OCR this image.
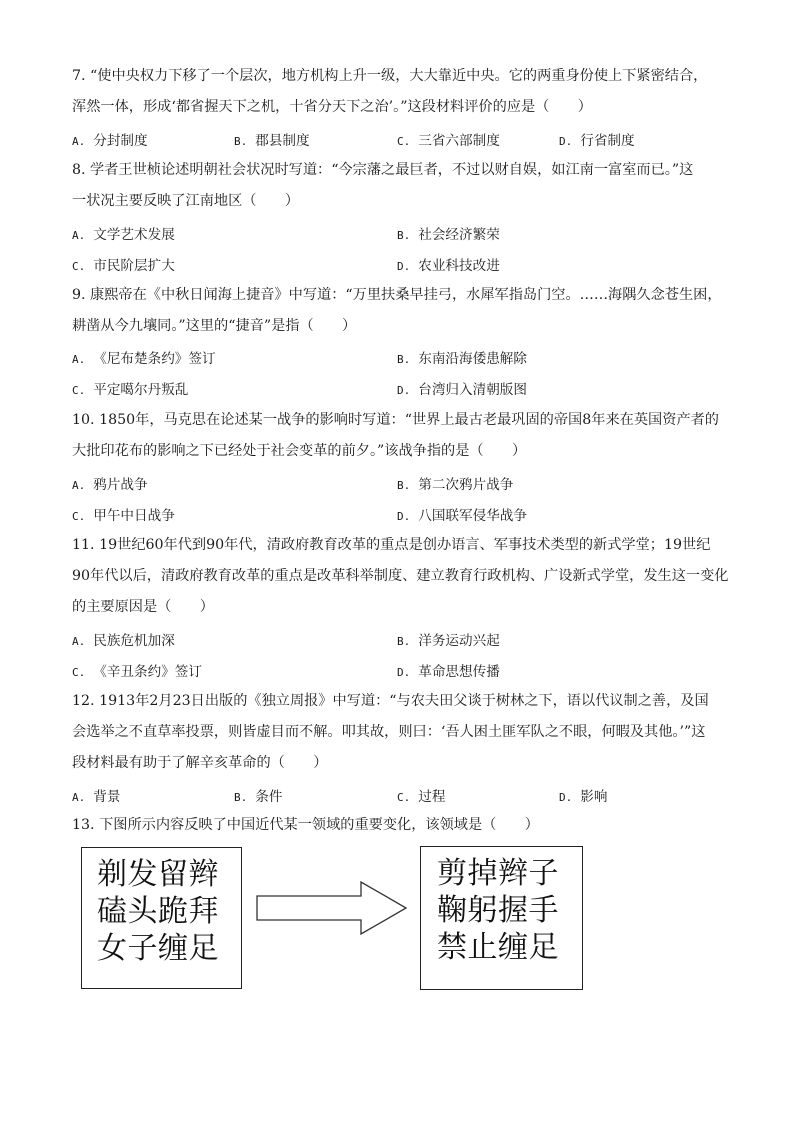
7. “使中央权力下移了一个层次，地方机构上升一级，大大靠近中央。它的两重身份使上下紧密结合，

浑然一体，形成‘都省握天下之机，十省分天下之治’。”这段材料评价的应是（　　）

A. 分封制度	B. 郡县制度	C. 三省六部制度	D. 行省制度

8. 学者王世桢论述明朝社会状况时写道：“今宗藩之最巨者，不过以财自娱，如江南一富室而已。”这

一状况主要反映了江南地区（　　）

A. 文学艺术发展	B. 社会经济繁荣
C. 市民阶层扩大	D. 农业科技改进

9. 康熙帝在《中秋日闻海上捷音》中写道：“万里扶桑早挂弓，水犀军指岛门空。……海隅久念苍生困，

耕凿从今九壤同。”这里的“捷音”是指（　　）

A. 《尼布楚条约》签订	B. 东南沿海倭患解除
C. 平定噶尔丹叛乱	D. 台湾归入清朝版图

10. 1850年，马克思在论述某一战争的影响时写道：“世界上最古老最巩固的帝国8年来在英国资产者的

大批印花布的影响之下已经处于社会变革的前夕。”该战争指的是（　　）

A. 鸦片战争	B. 第二次鸦片战争
C. 甲午中日战争	D. 八国联军侵华战争

11. 19世纪60年代到90年代，清政府教育改革的重点是创办语言、军事技术类型的新式学堂；19世纪

90年代以后，清政府教育改革的重点是改革科举制度、建立教育行政机构、广设新式学堂，发生这一变化

的主要原因是（　　）

A. 民族危机加深	B. 洋务运动兴起
C. 《辛丑条约》签订	D. 革命思想传播

12. 1913年2月23日出版的《独立周报》中写道：“与农夫田父谈于树林之下，语以代议制之善，及国

会选举之不直草率投票，则皆虚目而不解。叩其故，则曰：‘吾人困土匪军队之不眼，何暇及其他。’”这

段材料最有助于了解辛亥革命的（　　）

A. 背景	B. 条件	C. 过程	D. 影响

13. 下图所示内容反映了中国近代某一领域的重要变化，该领域是（　　）

剃发留辫
磕头跪拜
女子缠足
剪掉辫子
鞠躬握手
禁止缠足
